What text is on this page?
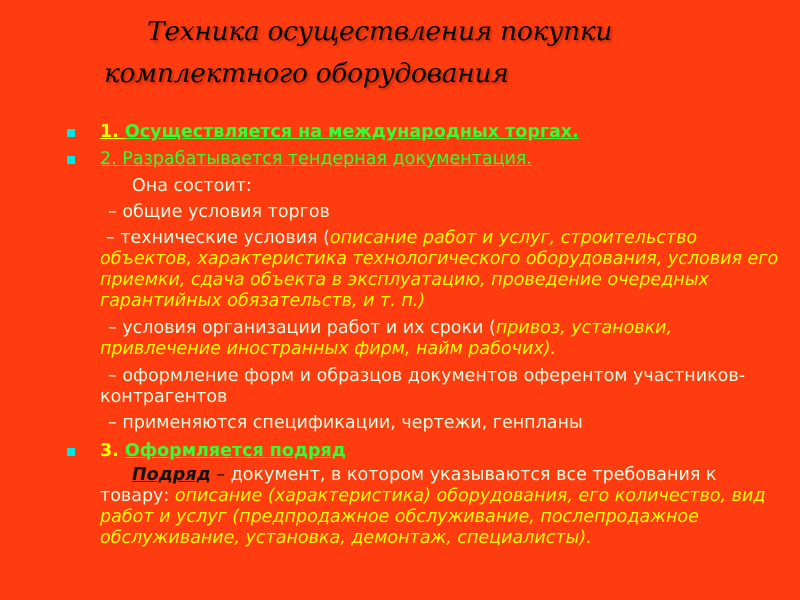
Техника осуществления покупки
комплектного оборудования
1. Осуществляется на международных торгах.
2. Разрабатывается тендерная документация.
Она состоит:
– общие условия торгов
– технические условия (описание работ и услуг, строительство объектов, характеристика технологического оборудования, условия его приемки, сдача объекта в эксплуатацию, проведение очередных гарантийных обязательств, и т. п.)
– условия организации работ и их сроки (привоз, установки, привлечение иностранных фирм, найм рабочих).
– оформление форм и образцов документов оферентом участников-контрагентов
– применяются спецификации, чертежи, генпланы
3. Оформляется подряд
Подряд – документ, в котором указываются все требования к товару: описание (характеристика) оборудования, его количество, вид работ и услуг (предпродажное обслуживание, послепродажное обслуживание, установка, демонтаж, специалисты).
